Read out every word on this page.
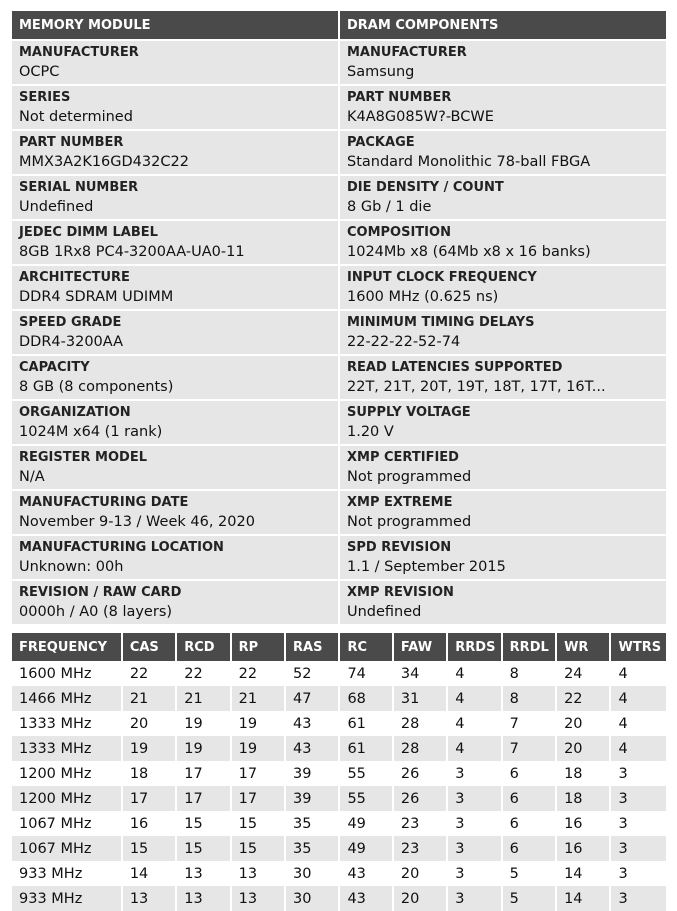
MEMORY MODULE
MANUFACTURER
OCPC
SERIES
Not determined
PART NUMBER
MMX3A2K16GD432C22
SERIAL NUMBER
Undefined
JEDEC DIMM LABEL
8GB 1Rx8 PC4-3200AA-UA0-11
ARCHITECTURE
DDR4 SDRAM UDIMM
SPEED GRADE
DDR4-3200AA
CAPACITY
8 GB (8 components)
ORGANIZATION
1024M x64 (1 rank)
REGISTER MODEL
N/A
MANUFACTURING DATE
November 9-13 / Week 46, 2020
MANUFACTURING LOCATION
Unknown: 00h
REVISION / RAW CARD
0000h / A0 (8 layers)
DRAM COMPONENTS
MANUFACTURER
Samsung
PART NUMBER
K4A8G085W?-BCWE
PACKAGE
Standard Monolithic 78-ball FBGA
DIE DENSITY / COUNT
8 Gb / 1 die
COMPOSITION
1024Mb x8 (64Mb x8 x 16 banks)
INPUT CLOCK FREQUENCY
1600 MHz (0.625 ns)
MINIMUM TIMING DELAYS
22-22-22-52-74
READ LATENCIES SUPPORTED
22T, 21T, 20T, 19T, 18T, 17T, 16T...
SUPPLY VOLTAGE
1.20 V
XMP CERTIFIED
Not programmed
XMP EXTREME
Not programmed
SPD REVISION
1.1 / September 2015
XMP REVISION
Undefined
FREQUENCY	CAS	RCD	RP	RAS	RC	FAW	RRDS	RRDL	WR	WTRS
1600 MHz	22	22	22	52	74	34	4	8	24	4
1466 MHz	21	21	21	47	68	31	4	8	22	4
1333 MHz	20	19	19	43	61	28	4	7	20	4
1333 MHz	19	19	19	43	61	28	4	7	20	4
1200 MHz	18	17	17	39	55	26	3	6	18	3
1200 MHz	17	17	17	39	55	26	3	6	18	3
1067 MHz	16	15	15	35	49	23	3	6	16	3
1067 MHz	15	15	15	35	49	23	3	6	16	3
933 MHz	14	13	13	30	43	20	3	5	14	3
933 MHz	13	13	13	30	43	20	3	5	14	3
